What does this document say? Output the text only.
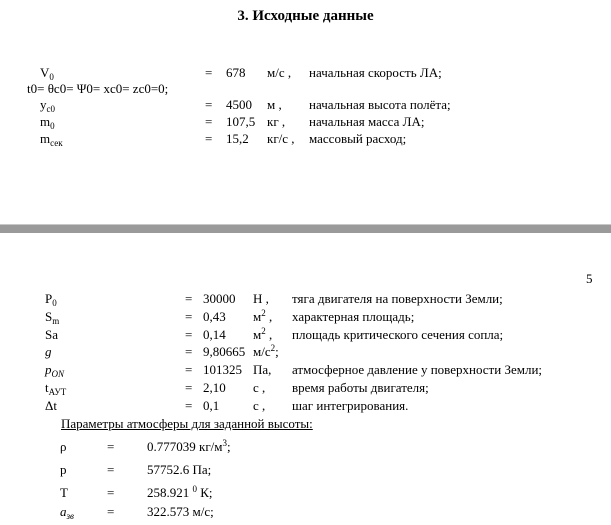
3. Исходные данные
$V_0$	= 678 м/с , начальная скорость ЛА;
t0= θc0= Ψ0= xc0= zc0=0;
$y_{c0}$	= 4500 м , начальная высота полёта;
$m_0$	= 107,5 кг , начальная масса ЛА;
$m_{сек}$	= 15,2 кг/с , массовый расход;
5
$P_0$	= 30000 Н , тяга двигателя на поверхности Земли;
$S_m$	= 0,43 $м^2$ , характерная площадь;
Sa	= 0,14 $м^2$ , площадь критического сечения сопла;
g	= 9,80665 $м/с^2$;
$p_{ON}$	= 101325 Па, атмосферное давление у поверхности Земли;
$t_{АУТ}$	= 2,10 с , время работы двигателя;
Δt	= 0,1	с , шаг интегрирования.
Параметры атмосферы для заданной высоты:
ρ	=	0.777039 $кг/м^3$;
p	=	57752.6 Па;
T	=	258.921 $^0$ К;
$a_{зв}$	=	322.573 м/с;
